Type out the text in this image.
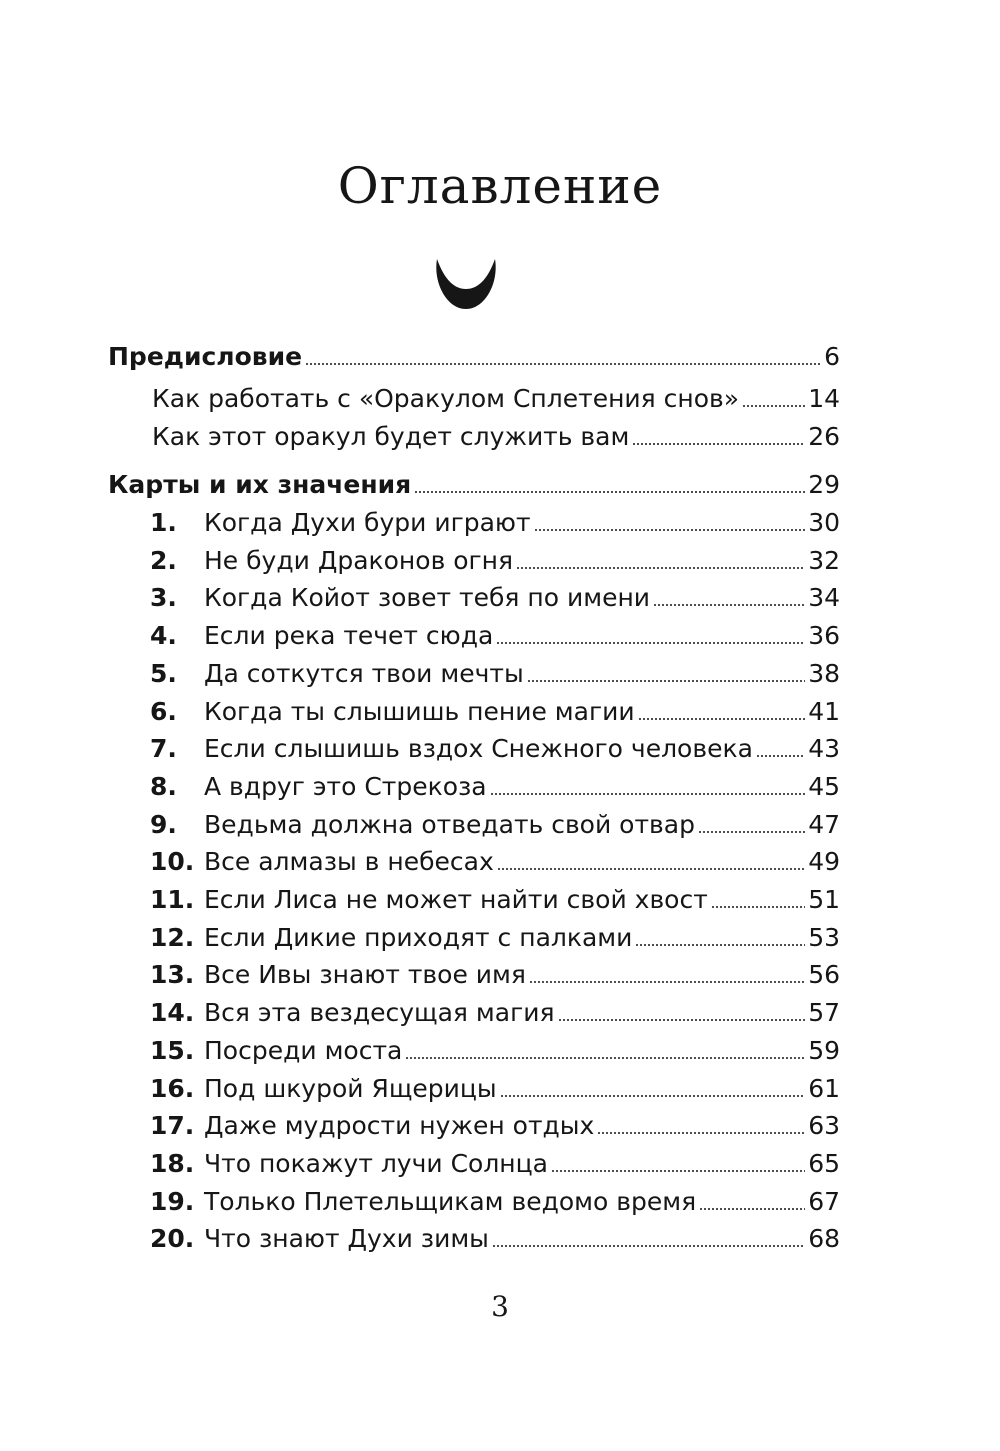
Оглавление
Предисловие	6
Как работать с «Оракулом Сплетения снов»	14
Как этот оракул будет служить вам	26
Карты и их значения	29
1.	Когда Духи бури играют	30
2.	Не буди Драконов огня	32
3.	Когда Койот зовет тебя по имени	34
4.	Если река течет сюда	36
5.	Да соткутся твои мечты	38
6.	Когда ты слышишь пение магии	41
7.	Если слышишь вздох Снежного человека 43
8.	А вдруг это Стрекоза	45
9.	Ведьма должна отведать свой отвар	47
10. Все алмазы в небесах	49
11. Если Лиса не может найти свой хвост	51
12. Если Дикие приходят с палками	53
13. Все Ивы знают твое имя	56
14. Вся эта вездесущая магия	57
15. Посреди моста	59
16. Под шкурой Ящерицы	61
17. Даже мудрости нужен отдых	63
18. Что покажут лучи Солнца	65
19. Только Плетельщикам ведомо время	67
20. Что знают Духи зимы	68
3
